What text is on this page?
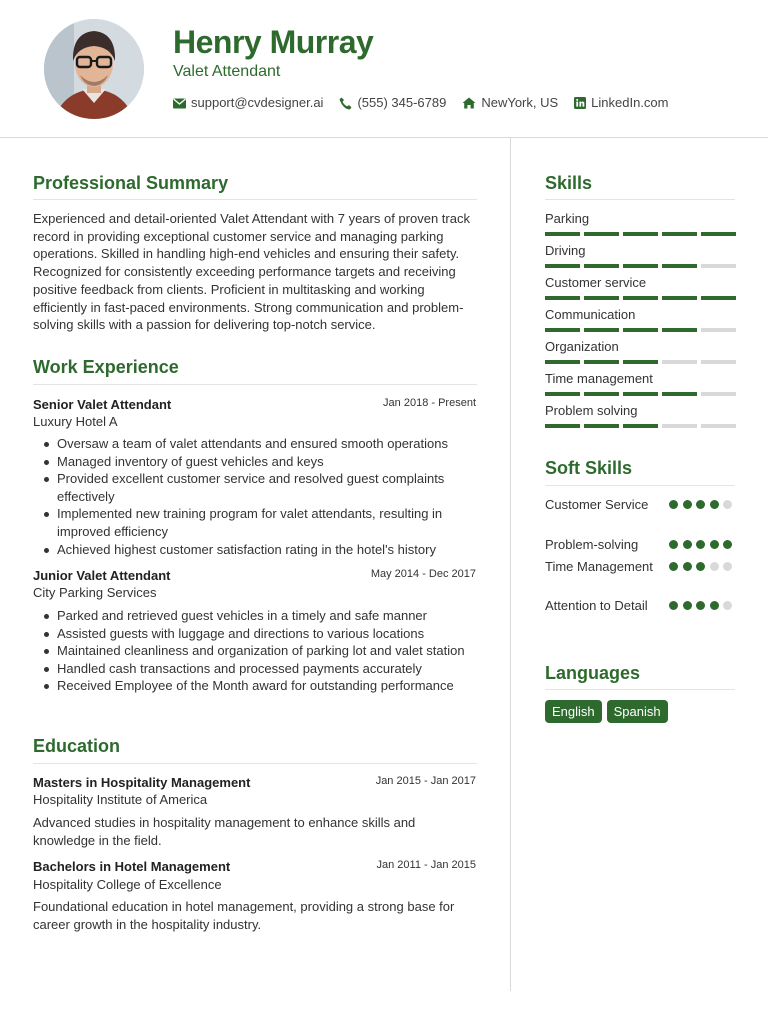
Henry Murray
Valet Attendant
support@cvdesigner.ai	(555) 345-6789	NewYork, US	LinkedIn.com
Professional Summary
Experienced and detail-oriented Valet Attendant with 7 years of proven track record in providing exceptional customer service and managing parking operations. Skilled in handling high-end vehicles and ensuring their safety. Recognized for consistently exceeding performance targets and receiving positive feedback from clients. Proficient in multitasking and working efficiently in fast-paced environments. Strong communication and problem-solving skills with a passion for delivering top-notch service.
Work Experience
Senior Valet Attendant	Jan 2018 - Present
Luxury Hotel A
Oversaw a team of valet attendants and ensured smooth operations
Managed inventory of guest vehicles and keys
Provided excellent customer service and resolved guest complaints effectively
Implemented new training program for valet attendants, resulting in improved efficiency
Achieved highest customer satisfaction rating in the hotel's history
Junior Valet Attendant	May 2014 - Dec 2017
City Parking Services
Parked and retrieved guest vehicles in a timely and safe manner
Assisted guests with luggage and directions to various locations
Maintained cleanliness and organization of parking lot and valet station
Handled cash transactions and processed payments accurately
Received Employee of the Month award for outstanding performance
Education
Masters in Hospitality Management	Jan 2015 - Jan 2017
Hospitality Institute of America
Advanced studies in hospitality management to enhance skills and knowledge in the field.
Bachelors in Hotel Management	Jan 2011 - Jan 2015
Hospitality College of Excellence
Foundational education in hotel management, providing a strong base for career growth in the hospitality industry.
Skills
Parking
Driving
Customer service
Communication
Organization
Time management
Problem solving
Soft Skills
Customer Service
Problem-solving
Time Management
Attention to Detail
Languages
English	Spanish
